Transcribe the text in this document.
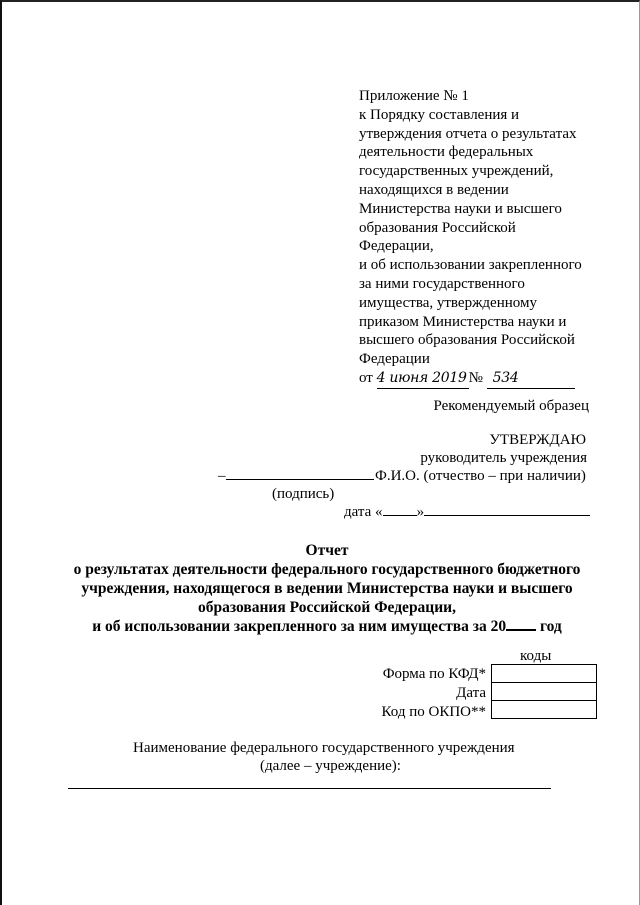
Приложение № 1
к Порядку составления и
утверждения отчета о результатах
деятельности федеральных
государственных учреждений,
находящихся в ведении
Министерства науки и высшего
образования Российской
Федерации,
и об использовании закрепленного
за ними государственного
имущества, утвержденному
приказом Министерства науки и
высшего образования Российской
Федерации
от 4 июня 2019 № 534
Рекомендуемый образец
УТВЕРЖДАЮ
руководитель учреждения
–	Ф.И.О. (отчество – при наличии)
(подпись)
дата « »
Отчет
о результатах деятельности федерального государственного бюджетного
учреждения, находящегося в ведении Министерства науки и высшего
образования Российской Федерации,
и об использовании закрепленного за ним имущества за 20 год
коды
Форма по КФД*
Дата
Код по ОКПО**

Наименование федерального государственного учреждения
(далее – учреждение):
